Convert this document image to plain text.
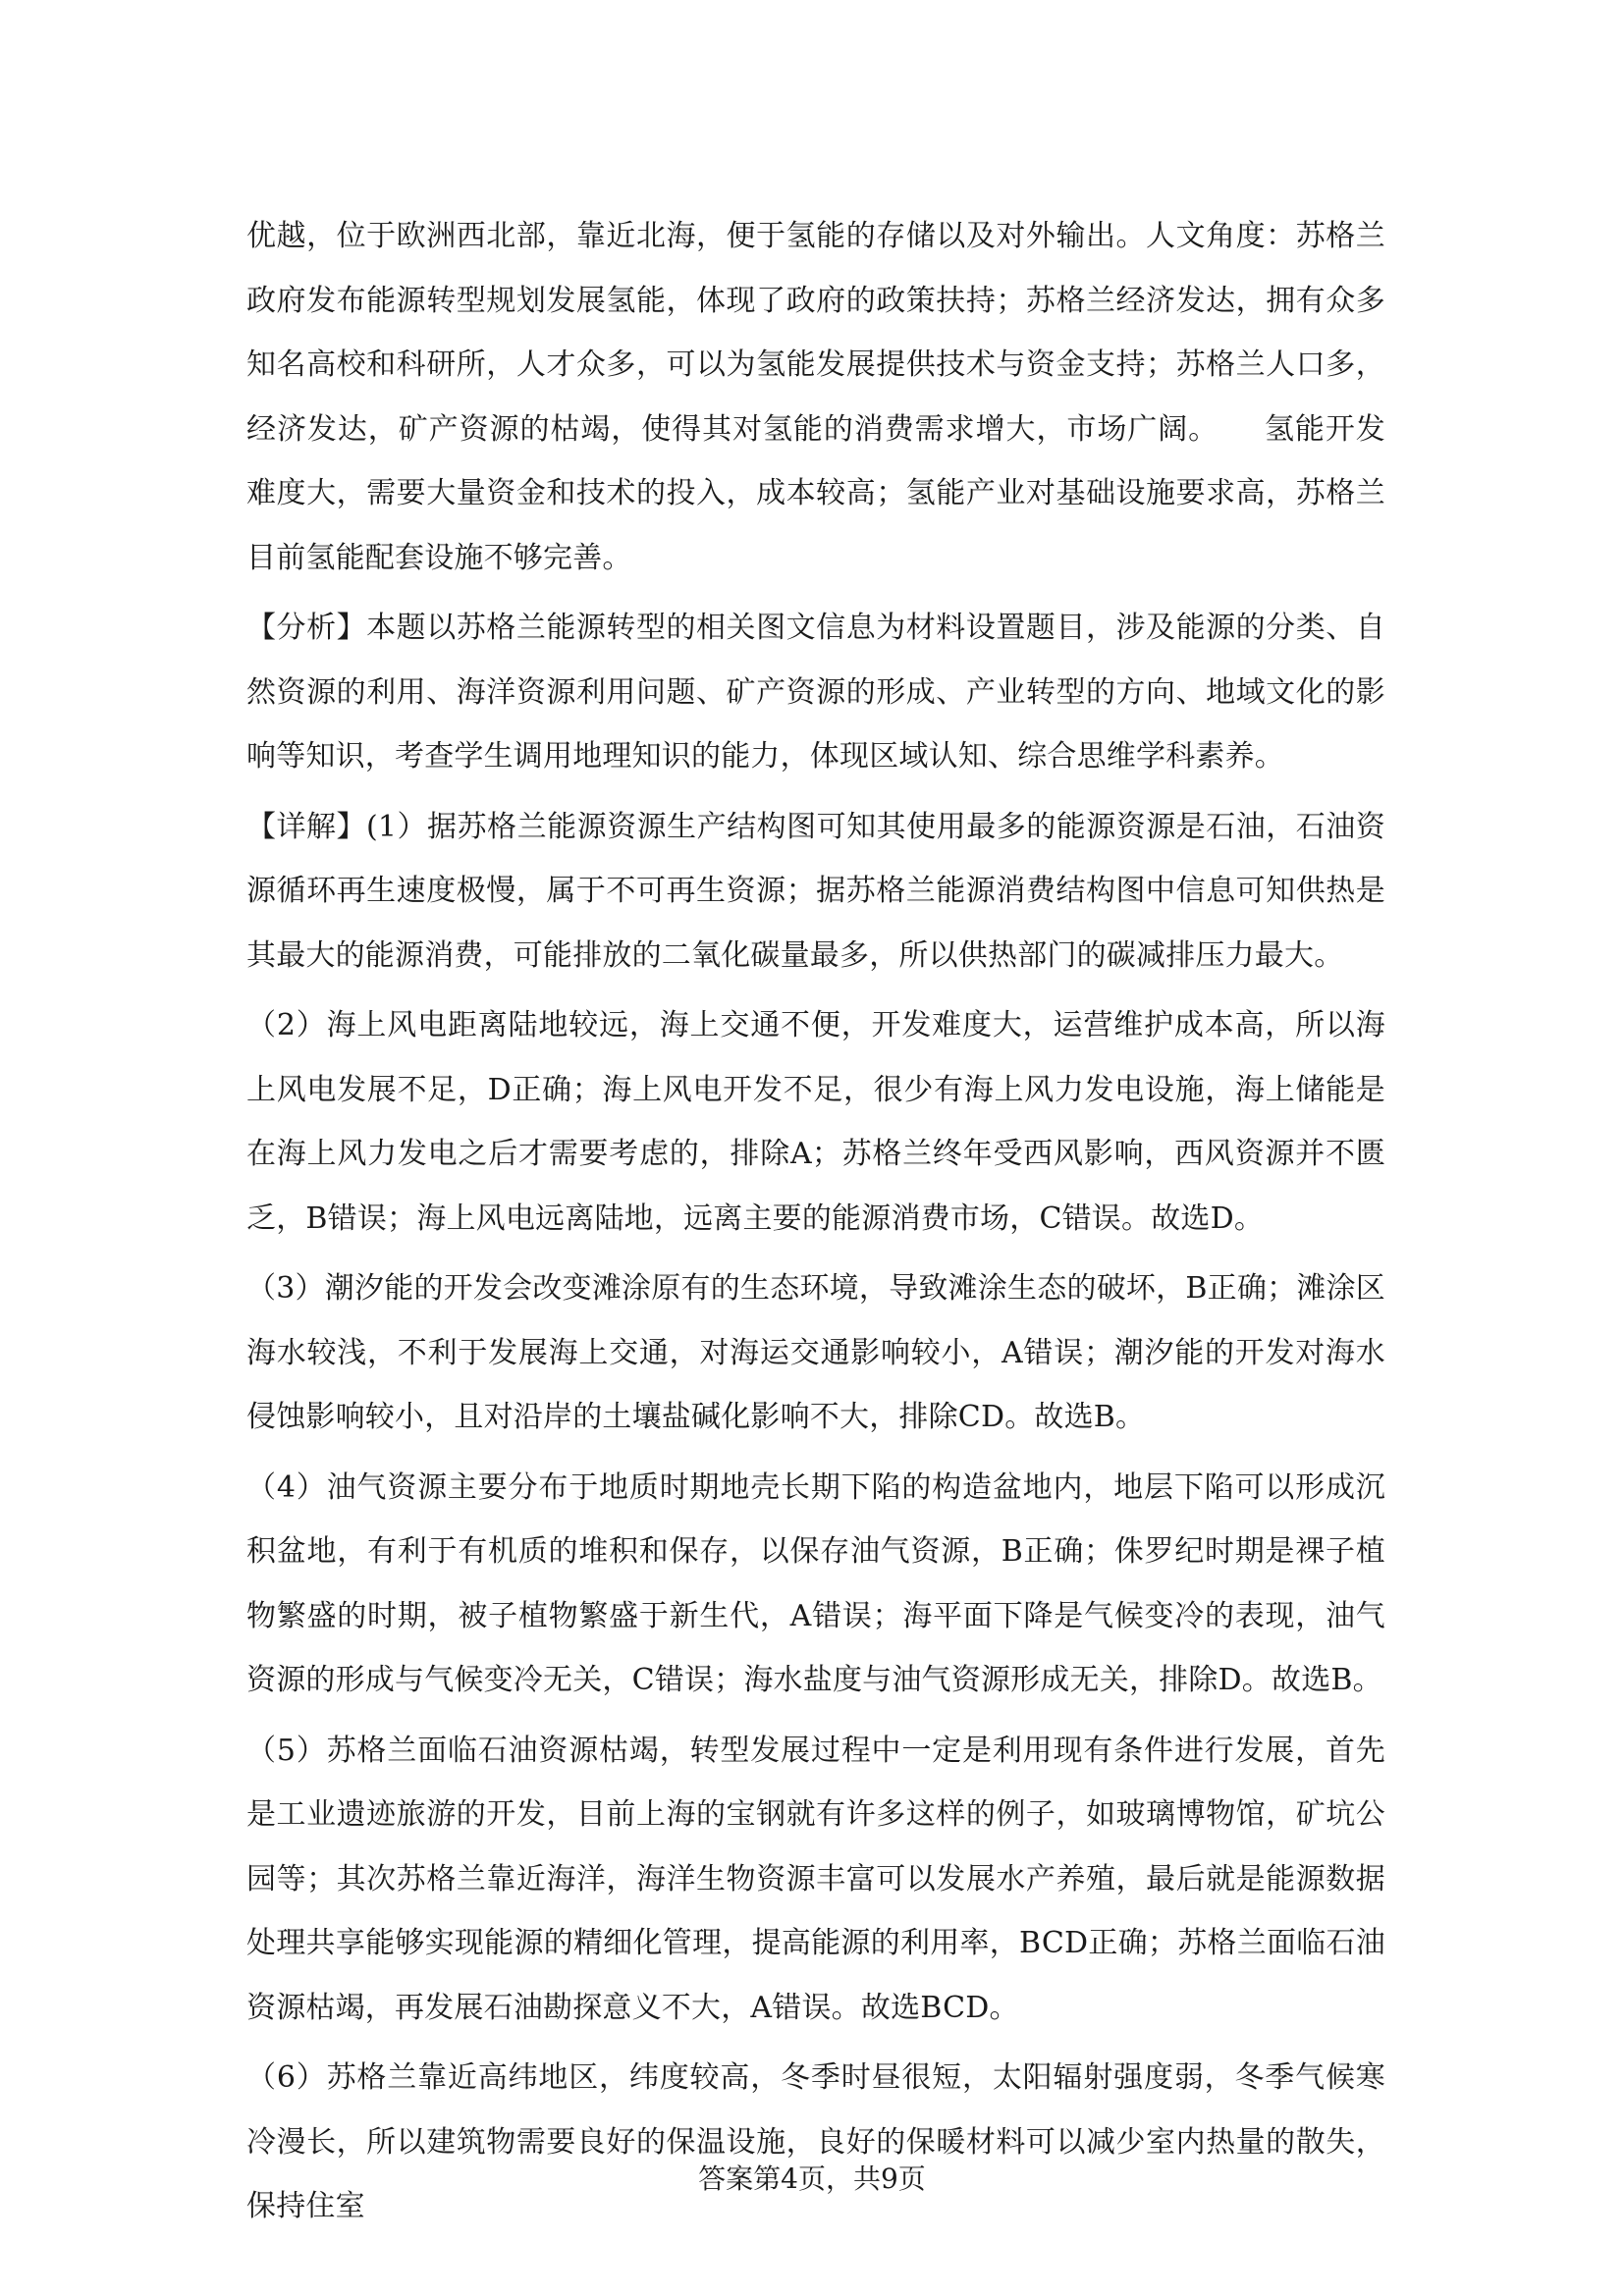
优越，位于欧洲西北部，靠近北海，便于氢能的存储以及对外输出。人文角度：苏格兰政府发布能源转型规划发展氢能，体现了政府的政策扶持；苏格兰经济发达，拥有众多知名高校和科研所，人才众多，可以为氢能发展提供技术与资金支持；苏格兰人口多，经济发达，矿产资源的枯竭，使得其对氢能的消费需求增大，市场广阔。　　氢能开发难度大，需要大量资金和技术的投入，成本较高；氢能产业对基础设施要求高，苏格兰目前氢能配套设施不够完善。

【分析】本题以苏格兰能源转型的相关图文信息为材料设置题目，涉及能源的分类、自然资源的利用、海洋资源利用问题、矿产资源的形成、产业转型的方向、地域文化的影响等知识，考查学生调用地理知识的能力，体现区域认知、综合思维学科素养。

【详解】(1）据苏格兰能源资源生产结构图可知其使用最多的能源资源是石油，石油资源循环再生速度极慢，属于不可再生资源；据苏格兰能源消费结构图中信息可知供热是其最大的能源消费，可能排放的二氧化碳量最多，所以供热部门的碳减排压力最大。

（2）海上风电距离陆地较远，海上交通不便，开发难度大，运营维护成本高，所以海上风电发展不足，D正确；海上风电开发不足，很少有海上风力发电设施，海上储能是在海上风力发电之后才需要考虑的，排除A；苏格兰终年受西风影响，西风资源并不匮乏，B错误；海上风电远离陆地，远离主要的能源消费市场，C错误。故选D。

（3）潮汐能的开发会改变滩涂原有的生态环境，导致滩涂生态的破坏，B正确；滩涂区海水较浅，不利于发展海上交通，对海运交通影响较小，A错误；潮汐能的开发对海水侵蚀影响较小，且对沿岸的土壤盐碱化影响不大，排除CD。故选B。

（4）油气资源主要分布于地质时期地壳长期下陷的构造盆地内，地层下陷可以形成沉积盆地，有利于有机质的堆积和保存，以保存油气资源，B正确；侏罗纪时期是裸子植物繁盛的时期，被子植物繁盛于新生代，A错误；海平面下降是气候变冷的表现，油气资源的形成与气候变冷无关，C错误；海水盐度与油气资源形成无关，排除D。故选B。

（5）苏格兰面临石油资源枯竭，转型发展过程中一定是利用现有条件进行发展，首先是工业遗迹旅游的开发，目前上海的宝钢就有许多这样的例子，如玻璃博物馆，矿坑公园等；其次苏格兰靠近海洋，海洋生物资源丰富可以发展水产养殖，最后就是能源数据处理共享能够实现能源的精细化管理，提高能源的利用率，BCD正确；苏格兰面临石油资源枯竭，再发展石油勘探意义不大，A错误。故选BCD。

（6）苏格兰靠近高纬地区，纬度较高，冬季时昼很短，太阳辐射强度弱，冬季气候寒冷漫长，所以建筑物需要良好的保温设施，良好的保暖材料可以减少室内热量的散失，保持住室

答案第4页，共9页
